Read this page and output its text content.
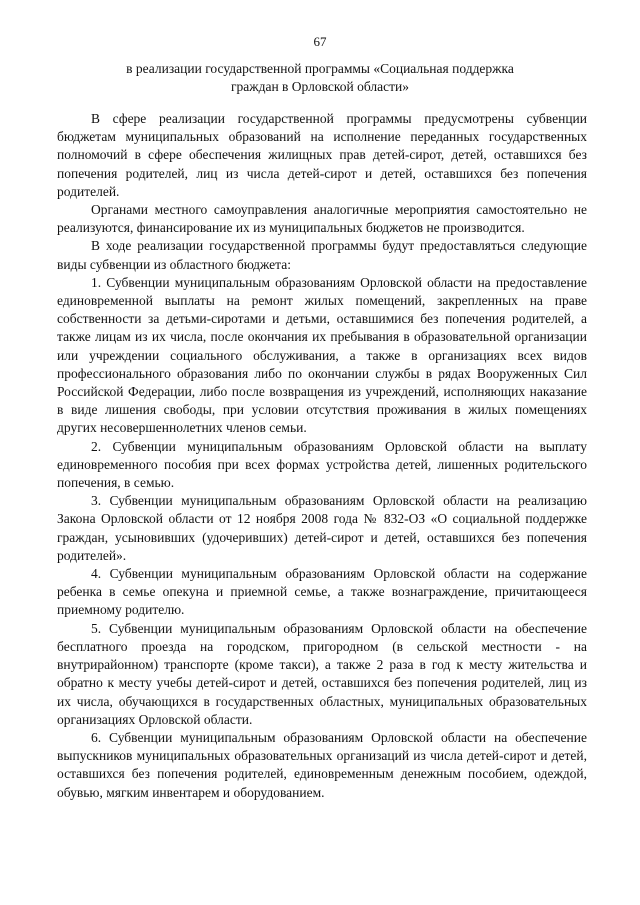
67
в реализации государственной программы «Социальная поддержка граждан в Орловской области»

В сфере реализации государственной программы предусмотрены субвенции бюджетам муниципальных образований на исполнение переданных государственных полномочий в сфере обеспечения жилищных прав детей-сирот, детей, оставшихся без попечения родителей, лиц из числа детей-сирот и детей, оставшихся без попечения родителей.

Органами местного самоуправления аналогичные мероприятия самостоятельно не реализуются, финансирование их из муниципальных бюджетов не производится.

В ходе реализации государственной программы будут предоставляться следующие виды субвенции из областного бюджета:

1. Субвенции муниципальным образованиям Орловской области на предоставление единовременной выплаты на ремонт жилых помещений, закрепленных на праве собственности за детьми-сиротами и детьми, оставшимися без попечения родителей, а также лицам из их числа, после окончания их пребывания в образовательной организации или учреждении социального обслуживания, а также в организациях всех видов профессионального образования либо по окончании службы в рядах Вооруженных Сил Российской Федерации, либо после возвращения из учреждений, исполняющих наказание в виде лишения свободы, при условии отсутствия проживания в жилых помещениях других несовершеннолетних членов семьи.

2. Субвенции муниципальным образованиям Орловской области на выплату единовременного пособия при всех формах устройства детей, лишенных родительского попечения, в семью.

3. Субвенции муниципальным образованиям Орловской области на реализацию Закона Орловской области от 12 ноября 2008 года № 832-ОЗ «О социальной поддержке граждан, усыновивших (удочеривших) детей-сирот и детей, оставшихся без попечения родителей».

4. Субвенции муниципальным образованиям Орловской области на содержание ребенка в семье опекуна и приемной семье, а также вознаграждение, причитающееся приемному родителю.

5. Субвенции муниципальным образованиям Орловской области на обеспечение бесплатного проезда на городском, пригородном (в сельской местности - на внутрирайонном) транспорте (кроме такси), а также 2 раза в год к месту жительства и обратно к месту учебы детей-сирот и детей, оставшихся без попечения родителей, лиц из их числа, обучающихся в государственных областных, муниципальных образовательных организациях Орловской области.

6. Субвенции муниципальным образованиям Орловской области на обеспечение выпускников муниципальных образовательных организаций из числа детей-сирот и детей, оставшихся без попечения родителей, единовременным денежным пособием, одеждой, обувью, мягким инвентарем и оборудованием.
